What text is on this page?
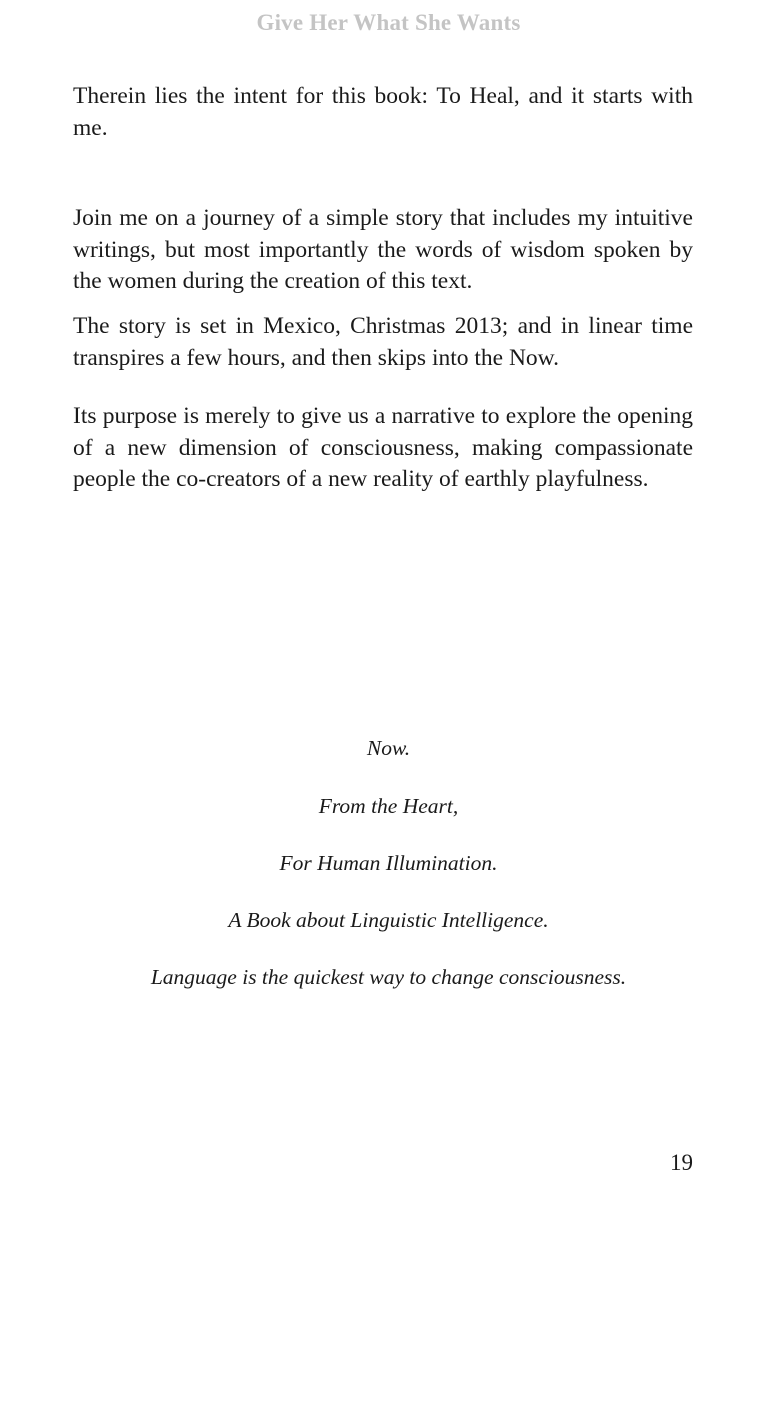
Give Her What She Wants

Therein lies the intent for this book: To Heal, and it starts with me.

Join me on a journey of a simple story that includes my intuitive writings, but most importantly the words of wisdom spoken by the women during the creation of this text.

The story is set in Mexico, Christmas 2013; and in linear time transpires a few hours, and then skips into the Now.

Its purpose is merely to give us a narrative to explore the opening of a new dimension of consciousness, making compassionate people the co-creators of a new reality of earthly playfulness.

Now.

From the Heart,

For Human Illumination.

A Book about Linguistic Intelligence.

Language is the quickest way to change consciousness.

19
